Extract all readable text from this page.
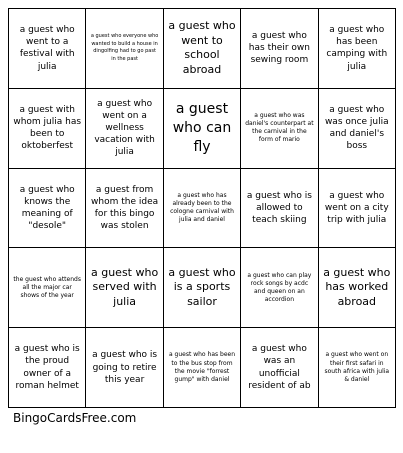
a guest who went to a festival with julia
a guest who everyone who wanted to build a house in dingolfing had to go past in the past
a guest who went to school abroad
a guest who has their own sewing room
a guest who has been camping with julia
a guest with whom julia has been to oktoberfest
a guest who went on a wellness vacation with julia
a guest who can fly
a guest who was daniel's counterpart at the carnival in the form of mario
a guest who was once julia and daniel's boss
a guest who knows the meaning of "desole"
a guest from whom the idea for this bingo was stolen
a guest who has already been to the cologne carnival with julia and daniel
a guest who is allowed to teach skiing
a guest who went on a city trip with julia
the guest who attends all the major car shows of the year
a guest who served with julia
a guest who is a sports sailor
a guest who can play rock songs by acdc and queen on an accordion
a guest who has worked abroad
a guest who is the proud owner of a roman helmet
a guest who is going to retire this year
a guest who has been to the bus stop from the movie "forrest gump" with daniel
a guest who was an unofficial resident of ab
a guest who went on their first safari in south africa with julia & daniel
BingoCardsFree.com
